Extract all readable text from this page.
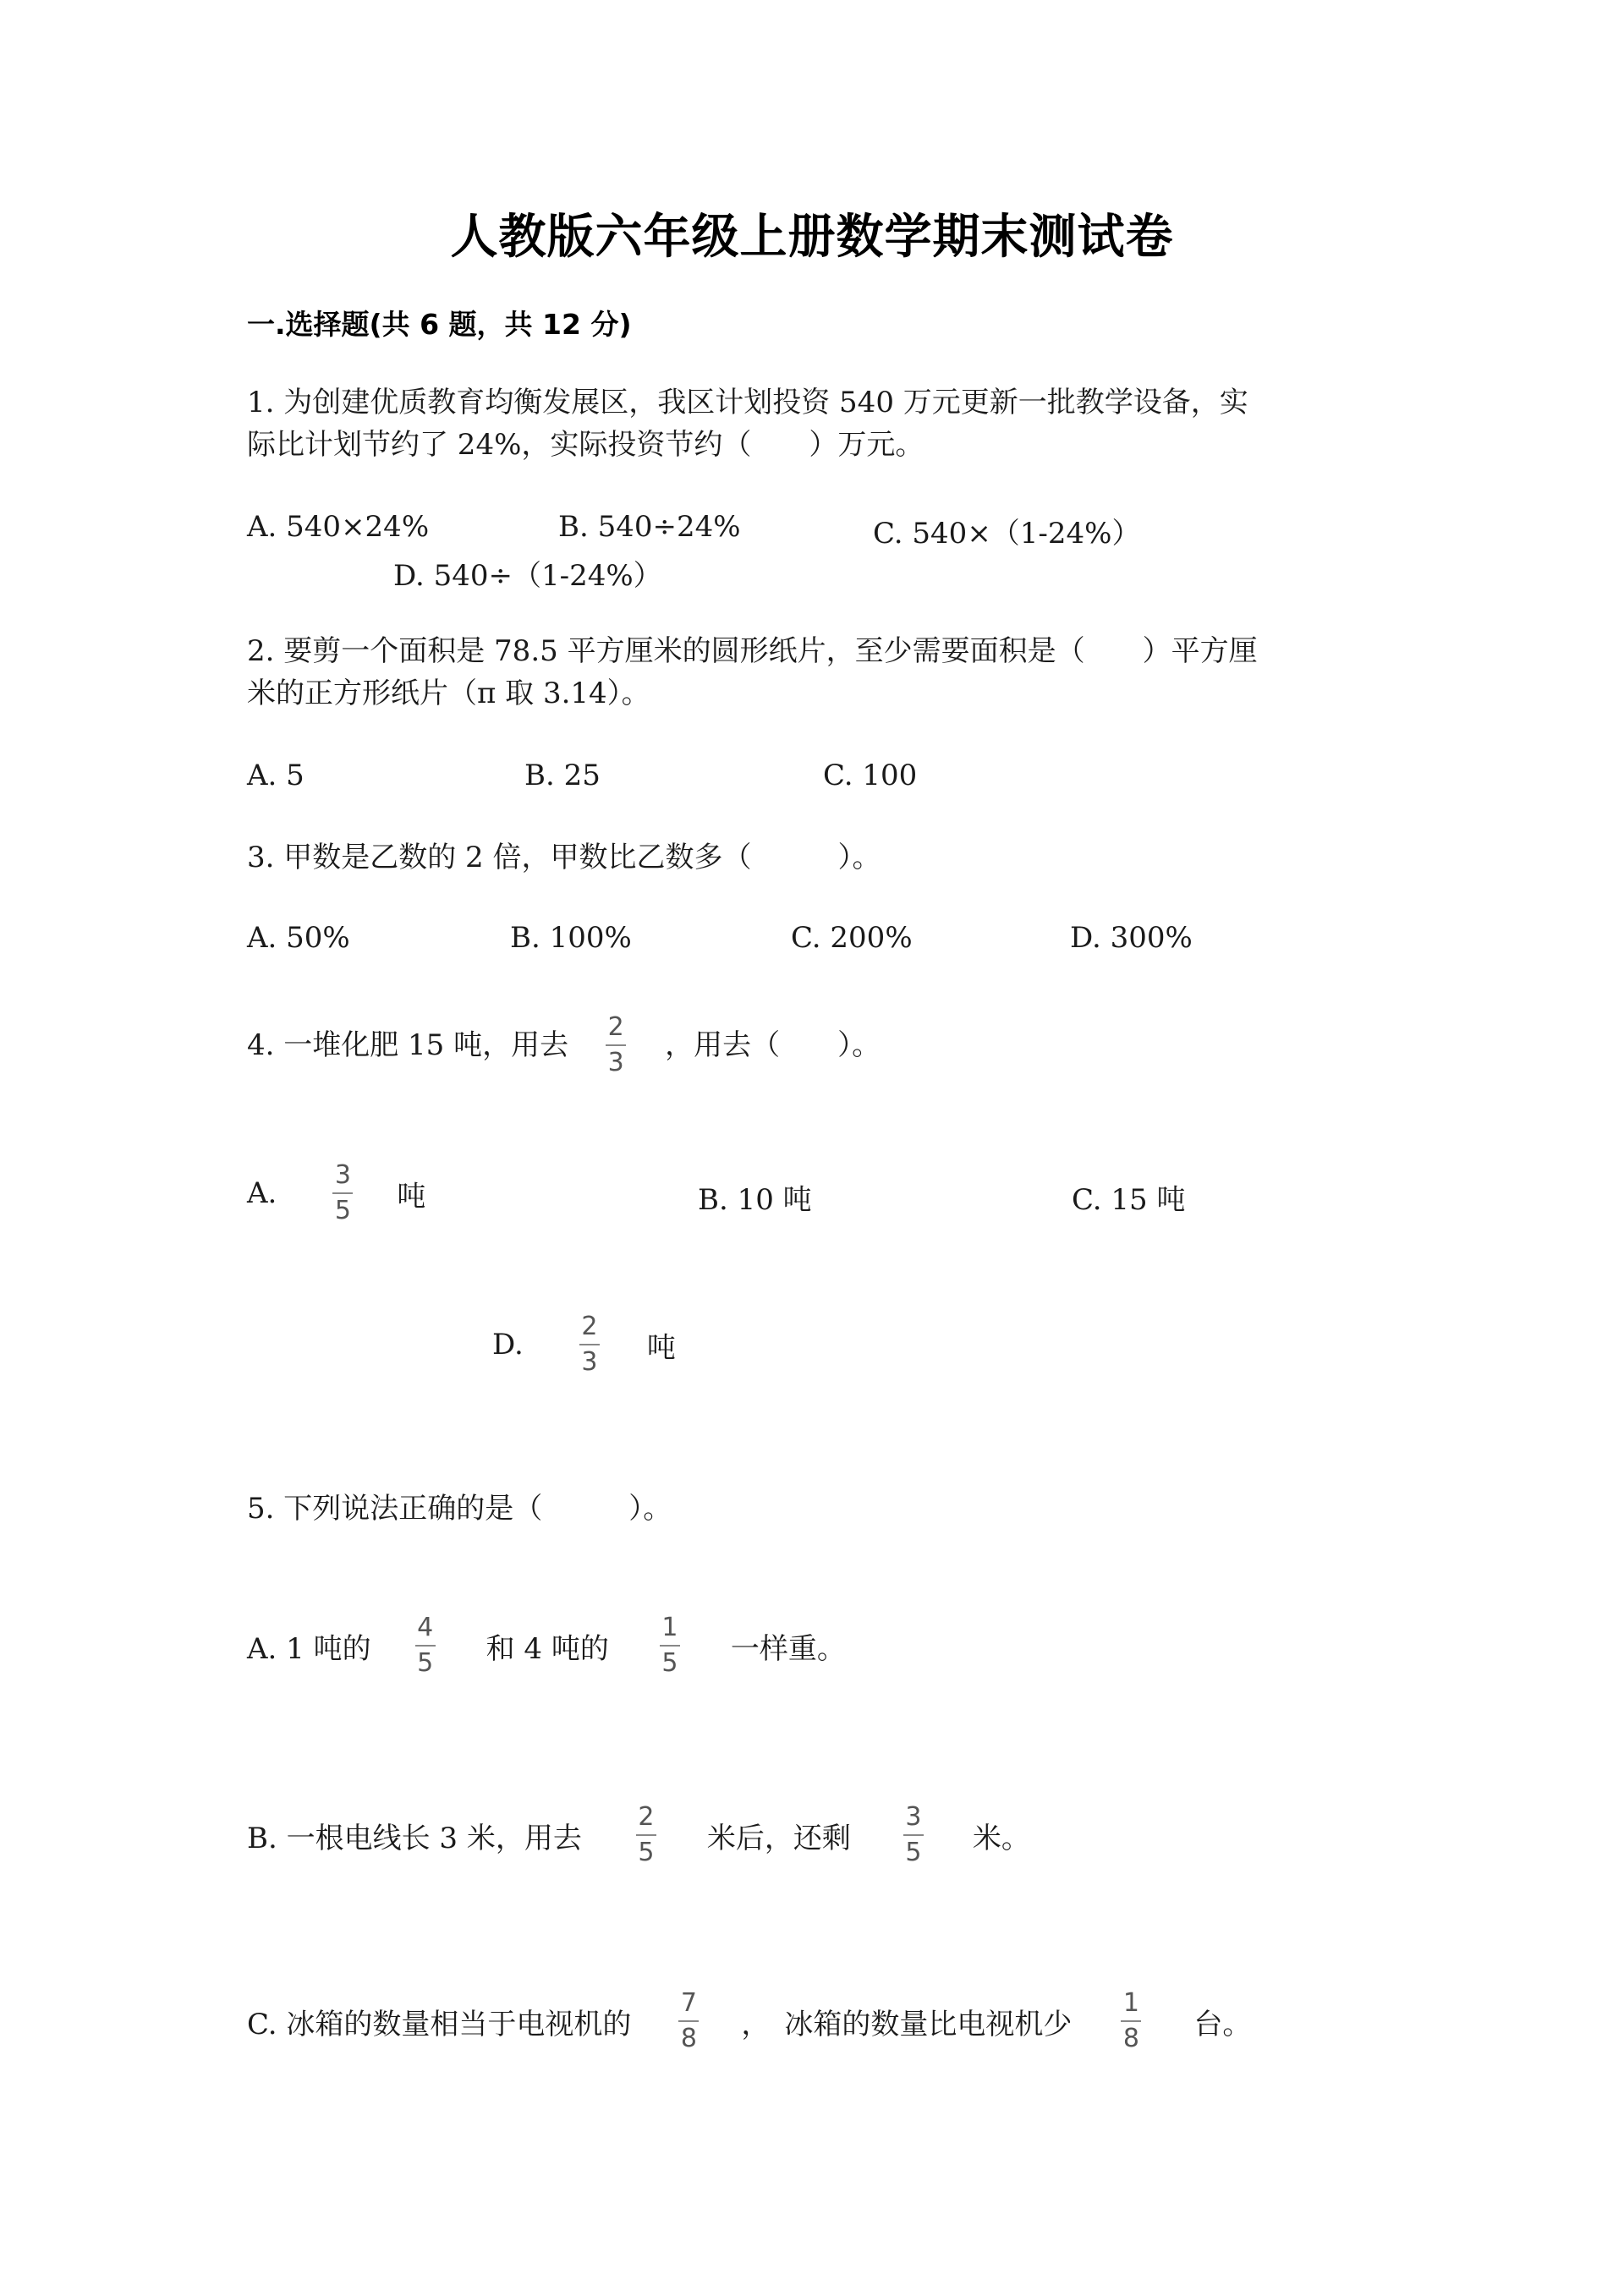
人教版六年级上册数学期末测试卷
一.选择题(共 6 题，共 12 分)
1. 为创建优质教育均衡发展区，我区计划投资 540 万元更新一批教学设备，实
际比计划节约了 24%，实际投资节约（　　）万元。
A. 540×24%	B. 540÷24%	C. 540×（1-24%）
D. 540÷（1-24%）
2. 要剪一个面积是 78.5 平方厘米的圆形纸片，至少需要面积是（　　）平方厘
米的正方形纸片（π 取 3.14）。
A. 5	B. 25	C. 100
3. 甲数是乙数的 2 倍，甲数比乙数多（　　　）。
A. 50%	B. 100%	C. 200%	D. 300%
4. 一堆化肥 15 吨，用去 $\frac{2}{3}$ ，用去（　　）。
A. $\frac{3}{5}$ 吨	B. 10 吨	C. 15 吨
D. $\frac{2}{3}$ 吨
5. 下列说法正确的是（　　　）。
A. 1 吨的 $\frac{4}{5}$ 和 4 吨的 $\frac{1}{5}$ 一样重。
B. 一根电线长 3 米，用去 $\frac{2}{5}$ 米后，还剩 $\frac{3}{5}$ 米。
C. 冰箱的数量相当于电视机的 $\frac{7}{8}$ ，　冰箱的数量比电视机少 $\frac{1}{8}$ 台。
